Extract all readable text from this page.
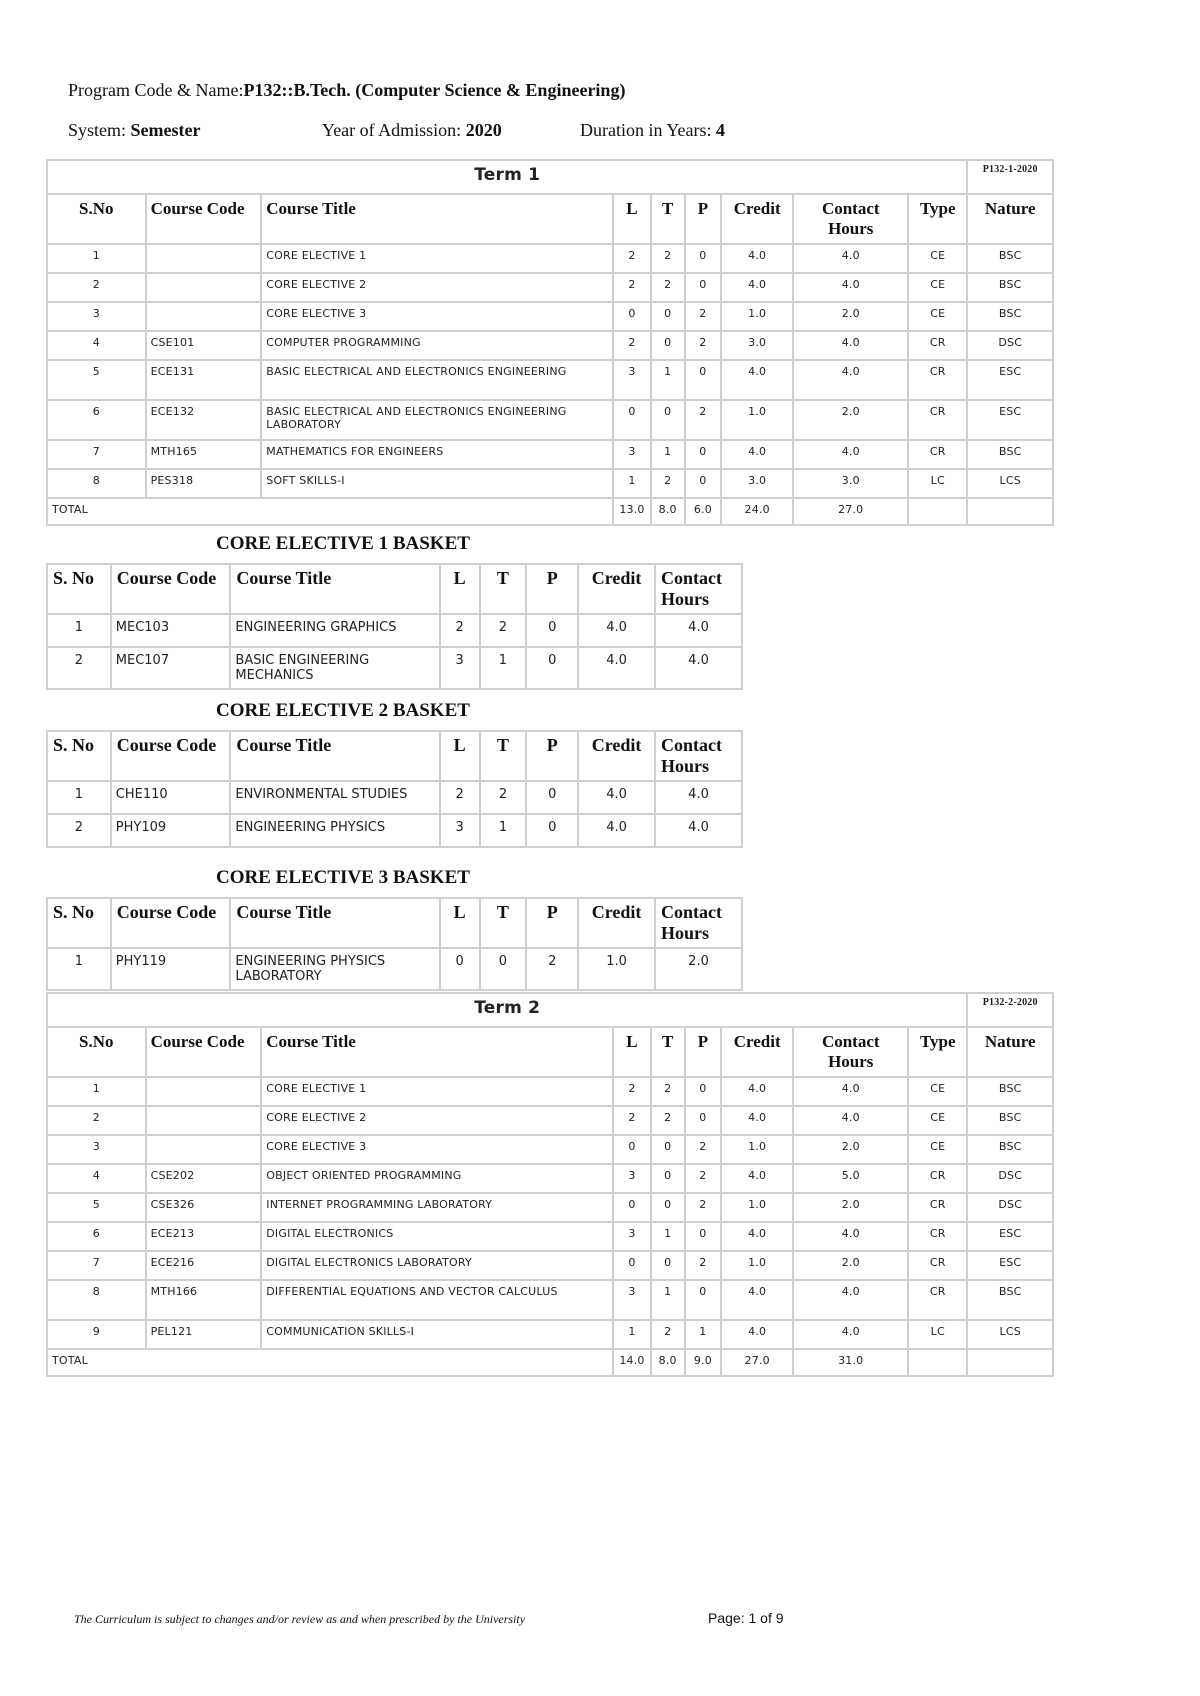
Program Code & Name:P132::B.Tech. (Computer Science & Engineering)
System: Semester	Year of Admission: 2020	Duration in Years: 4
Term 1									P132-1-2020
S.No	Course Code	Course Title	L	T	P	Credit	Contact Hours	Type	Nature
1		CORE ELECTIVE 1	2	2	0	4.0	4.0	CE	BSC
2		CORE ELECTIVE 2	2	2	0	4.0	4.0	CE	BSC
3		CORE ELECTIVE 3	0	0	2	1.0	2.0	CE	BSC
4	CSE101	COMPUTER PROGRAMMING	2	0	2	3.0	4.0	CR	DSC
5	ECE131	BASIC ELECTRICAL AND ELECTRONICS ENGINEERING	3	1	0	4.0	4.0	CR	ESC
6	ECE132	BASIC ELECTRICAL AND ELECTRONICS ENGINEERING LABORATORY	0	0	2	1.0	2.0	CR	ESC
7	MTH165	MATHEMATICS FOR ENGINEERS	3	1	0	4.0	4.0	CR	BSC
8	PES318	SOFT SKILLS-I	1	2	0	3.0	3.0	LC	LCS
TOTAL			13.0	8.0	6.0	24.0	27.0		
CORE ELECTIVE 1 BASKET
S. No	Course Code	Course Title	L	T	P	Credit	Contact Hours
1	MEC103	ENGINEERING GRAPHICS	2	2	0	4.0	4.0
2	MEC107	BASIC ENGINEERING MECHANICS	3	1	0	4.0	4.0
CORE ELECTIVE 2 BASKET
S. No	Course Code	Course Title	L	T	P	Credit	Contact Hours
1	CHE110	ENVIRONMENTAL STUDIES	2	2	0	4.0	4.0
2	PHY109	ENGINEERING PHYSICS	3	1	0	4.0	4.0
CORE ELECTIVE 3 BASKET
S. No	Course Code	Course Title	L	T	P	Credit	Contact Hours
1	PHY119	ENGINEERING PHYSICS LABORATORY	0	0	2	1.0	2.0
Term 2									P132-2-2020
S.No	Course Code	Course Title	L	T	P	Credit	Contact Hours	Type	Nature
1		CORE ELECTIVE 1	2	2	0	4.0	4.0	CE	BSC
2		CORE ELECTIVE 2	2	2	0	4.0	4.0	CE	BSC
3		CORE ELECTIVE 3	0	0	2	1.0	2.0	CE	BSC
4	CSE202	OBJECT ORIENTED PROGRAMMING	3	0	2	4.0	5.0	CR	DSC
5	CSE326	INTERNET PROGRAMMING LABORATORY	0	0	2	1.0	2.0	CR	DSC
6	ECE213	DIGITAL ELECTRONICS	3	1	0	4.0	4.0	CR	ESC
7	ECE216	DIGITAL ELECTRONICS LABORATORY	0	0	2	1.0	2.0	CR	ESC
8	MTH166	DIFFERENTIAL EQUATIONS AND VECTOR CALCULUS	3	1	0	4.0	4.0	CR	BSC
9	PEL121	COMMUNICATION SKILLS-I	1	2	1	4.0	4.0	LC	LCS
TOTAL			14.0	8.0	9.0	27.0	31.0		
The Curriculum is subject to changes and/or review as and when prescribed by the University	Page: 1 of 9
